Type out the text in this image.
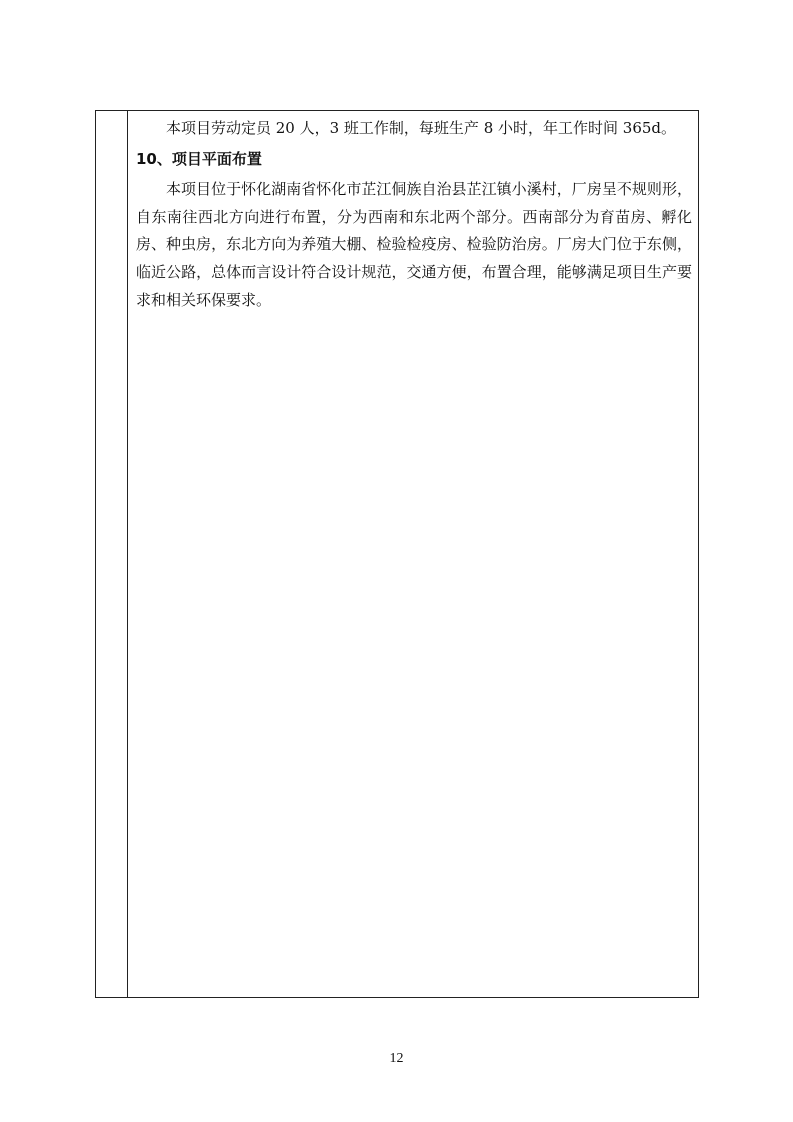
本项目劳动定员 20 人，3 班工作制，每班生产 8 小时，年工作时间 365d。

10、项目平面布置

本项目位于怀化湖南省怀化市芷江侗族自治县芷江镇小溪村，厂房呈不规则形，自东南往西北方向进行布置，分为西南和东北两个部分。西南部分为育苗房、孵化房、种虫房，东北方向为养殖大棚、检验检疫房、检验防治房。厂房大门位于东侧，临近公路，总体而言设计符合设计规范，交通方便，布置合理，能够满足项目生产要求和相关环保要求。

12
